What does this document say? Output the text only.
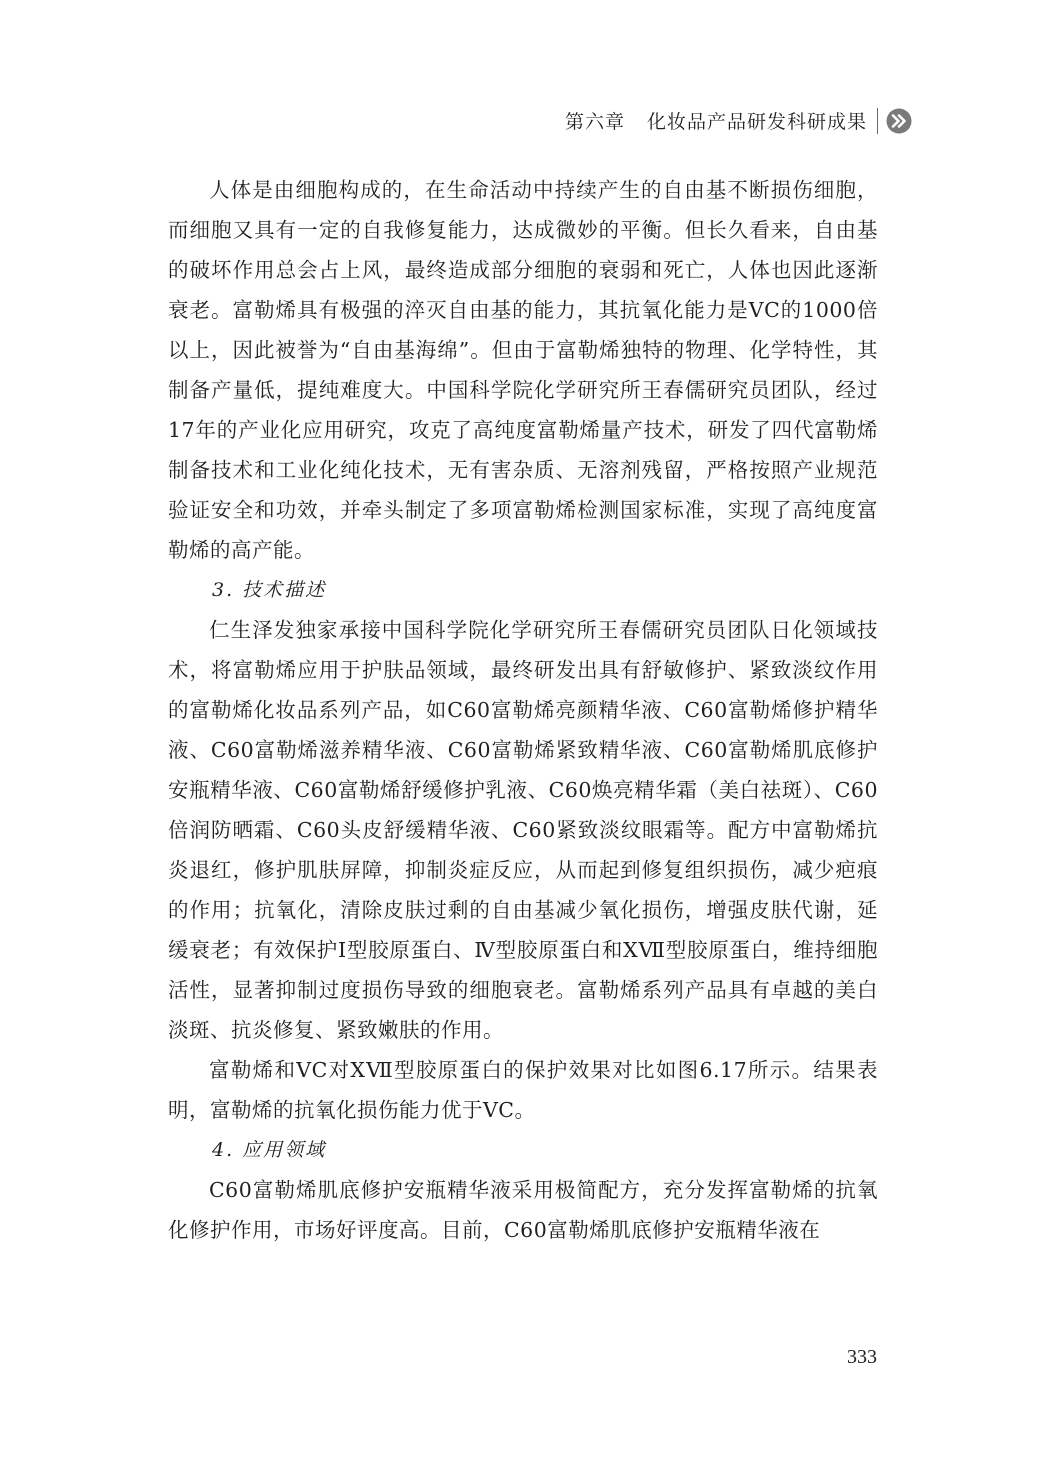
第六章 化妆品产品研发科研成果

人体是由细胞构成的，在生命活动中持续产生的自由基不断损伤细胞，而细胞又具有一定的自我修复能力，达成微妙的平衡。但长久看来，自由基的破坏作用总会占上风，最终造成部分细胞的衰弱和死亡，人体也因此逐渐衰老。富勒烯具有极强的淬灭自由基的能力，其抗氧化能力是VC的1000倍以上，因此被誉为“自由基海绵”。但由于富勒烯独特的物理、化学特性，其制备产量低，提纯难度大。中国科学院化学研究所王春儒研究员团队，经过17年的产业化应用研究，攻克了高纯度富勒烯量产技术，研发了四代富勒烯制备技术和工业化纯化技术，无有害杂质、无溶剂残留，严格按照产业规范验证安全和功效，并牵头制定了多项富勒烯检测国家标准，实现了高纯度富勒烯的高产能。

3. 技术描述

仁生泽发独家承接中国科学院化学研究所王春儒研究员团队日化领域技术，将富勒烯应用于护肤品领域，最终研发出具有舒敏修护、紧致淡纹作用的富勒烯化妆品系列产品，如C60富勒烯亮颜精华液、C60富勒烯修护精华液、C60富勒烯滋养精华液、C60富勒烯紧致精华液、C60富勒烯肌底修护安瓶精华液、C60富勒烯舒缓修护乳液、C60焕亮精华霜（美白祛斑）、C60倍润防晒霜、C60头皮舒缓精华液、C60紧致淡纹眼霜等。配方中富勒烯抗炎退红，修护肌肤屏障，抑制炎症反应，从而起到修复组织损伤，减少疤痕的作用；抗氧化，清除皮肤过剩的自由基减少氧化损伤，增强皮肤代谢，延缓衰老；有效保护Ⅰ型胶原蛋白、Ⅳ型胶原蛋白和XⅦ型胶原蛋白，维持细胞活性，显著抑制过度损伤导致的细胞衰老。富勒烯系列产品具有卓越的美白淡斑、抗炎修复、紧致嫩肤的作用。

富勒烯和VC对XⅦ型胶原蛋白的保护效果对比如图6.17所示。结果表明，富勒烯的抗氧化损伤能力优于VC。

4. 应用领域

C60富勒烯肌底修护安瓶精华液采用极简配方，充分发挥富勒烯的抗氧化修护作用，市场好评度高。目前，C60富勒烯肌底修护安瓶精华液在

333
